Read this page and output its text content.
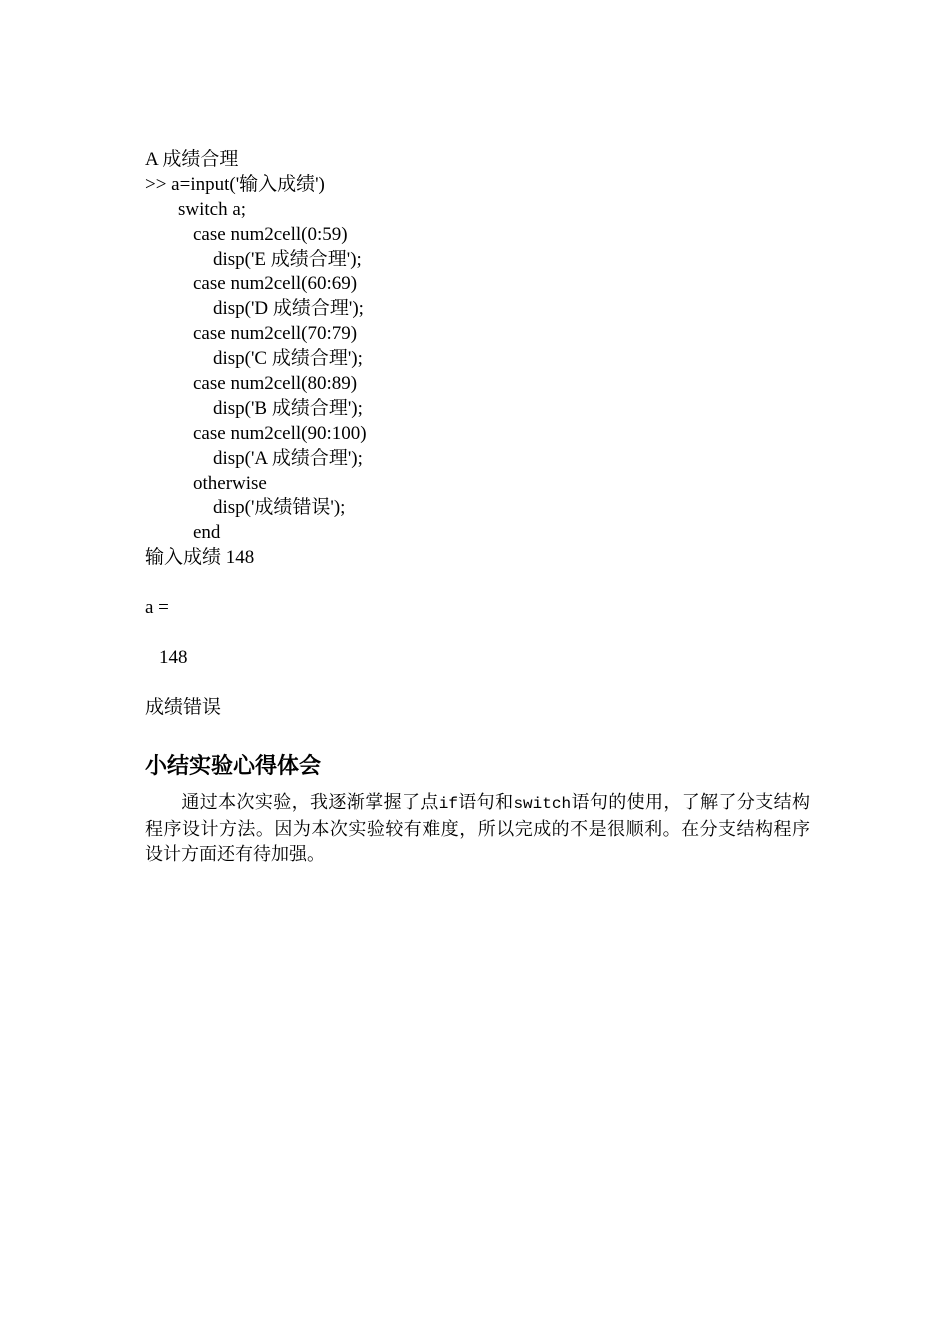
A 成绩合理
>> a=input('输入成绩')
switch a;
case num2cell(0:59)
disp('E 成绩合理');
case num2cell(60:69)
disp('D 成绩合理');
case num2cell(70:79)
disp('C 成绩合理');
case num2cell(80:89)
disp('B 成绩合理');
case num2cell(90:100)
disp('A 成绩合理');
otherwise
disp('成绩错误');
end
输入成绩 148
a =
148
成绩错误
小结实验心得体会
通过本次实验，我逐渐掌握了点if语句和switch语句的使用，了解了分支结构程序设计方法。因为本次实验较有难度，所以完成的不是很顺利。在分支结构程序设计方面还有待加强。
